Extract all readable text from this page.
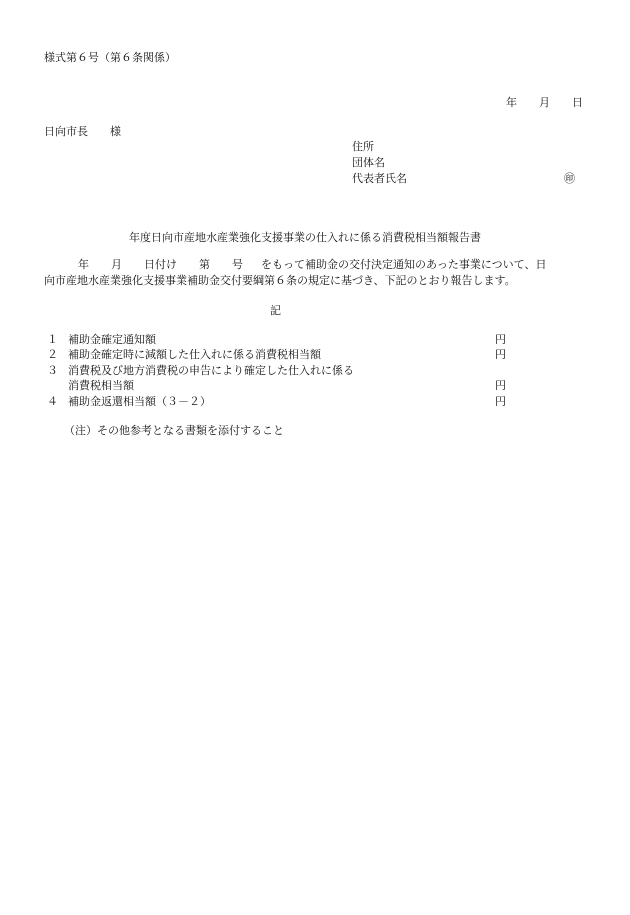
様式第６号（第６条関係）
年 月 日
日向市長 様
住所
団体名
代表者氏名	㊞
年度日向市産地水産業強化支援事業の仕入れに係る消費税相当額報告書
年 月 日付け 第 号 をもって補助金の交付決定通知のあった事業について、日
向市産地水産業強化支援事業補助金交付要綱第６条の規定に基づき、下記のとおり報告します。
記
１ 補助金確定通知額	円
２ 補助金確定時に減額した仕入れに係る消費税相当額	円
３ 消費税及び地方消費税の申告により確定した仕入れに係る
消費税相当額	円
４ 補助金返還相当額（３－２）	円
（注）その他参考となる書類を添付すること
